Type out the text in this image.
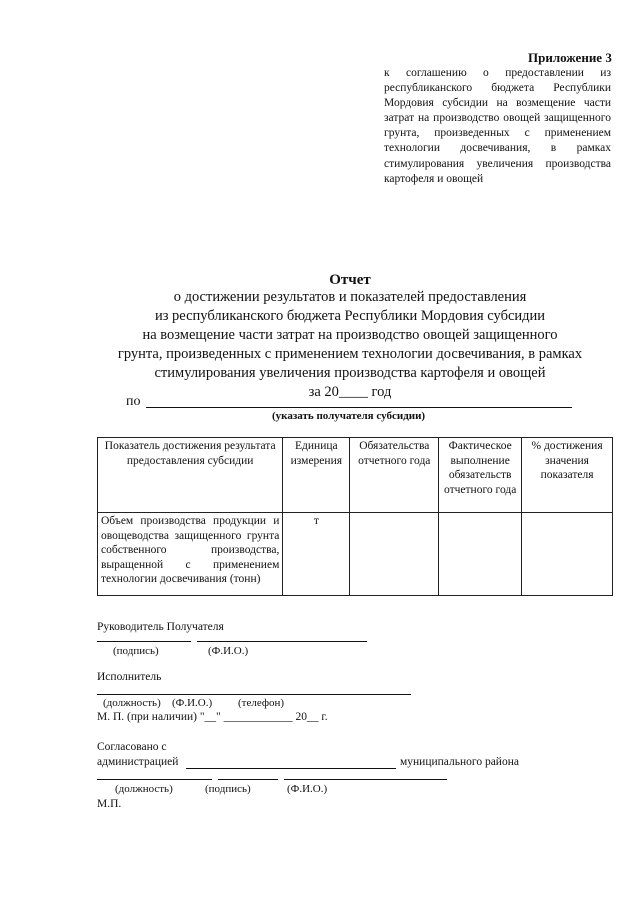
Приложение 3
к соглашению о предоставлении из республиканского бюджета Республики Мордовия субсидии на возмещение части затрат на производство овощей защищенного грунта, произведенных с применением технологии досвечивания, в рамках стимулирования увеличения производства картофеля и овощей
Отчет
о достижении результатов и показателей предоставления
из республиканского бюджета Республики Мордовия субсидии
на возмещение части затрат на производство овощей защищенного
грунта, произведенных с применением технологии досвечивания, в рамках
стимулирования увеличения производства картофеля и овощей
за 20____ год
по
(указать получателя субсидии)
Показатель достижения результата предоставления субсидии	Единица измерения	Обязательства отчетного года	Фактическое выполнение обязательств отчетного года	% достижения значения показателя
Объем производства продукции и овощеводства защищенного грунта собственного производства, выращенной с применением технологии досвечивания (тонн)	т			
Руководитель Получателя
(подпись)	(Ф.И.О.)
Исполнитель
(должность) (Ф.И.О.) (телефон)
М. П. (при наличии) "__" ____________ 20__ г.
Согласовано с
администрацией	муниципального района
(должность)	(подпись)	(Ф.И.О.)
М.П.
